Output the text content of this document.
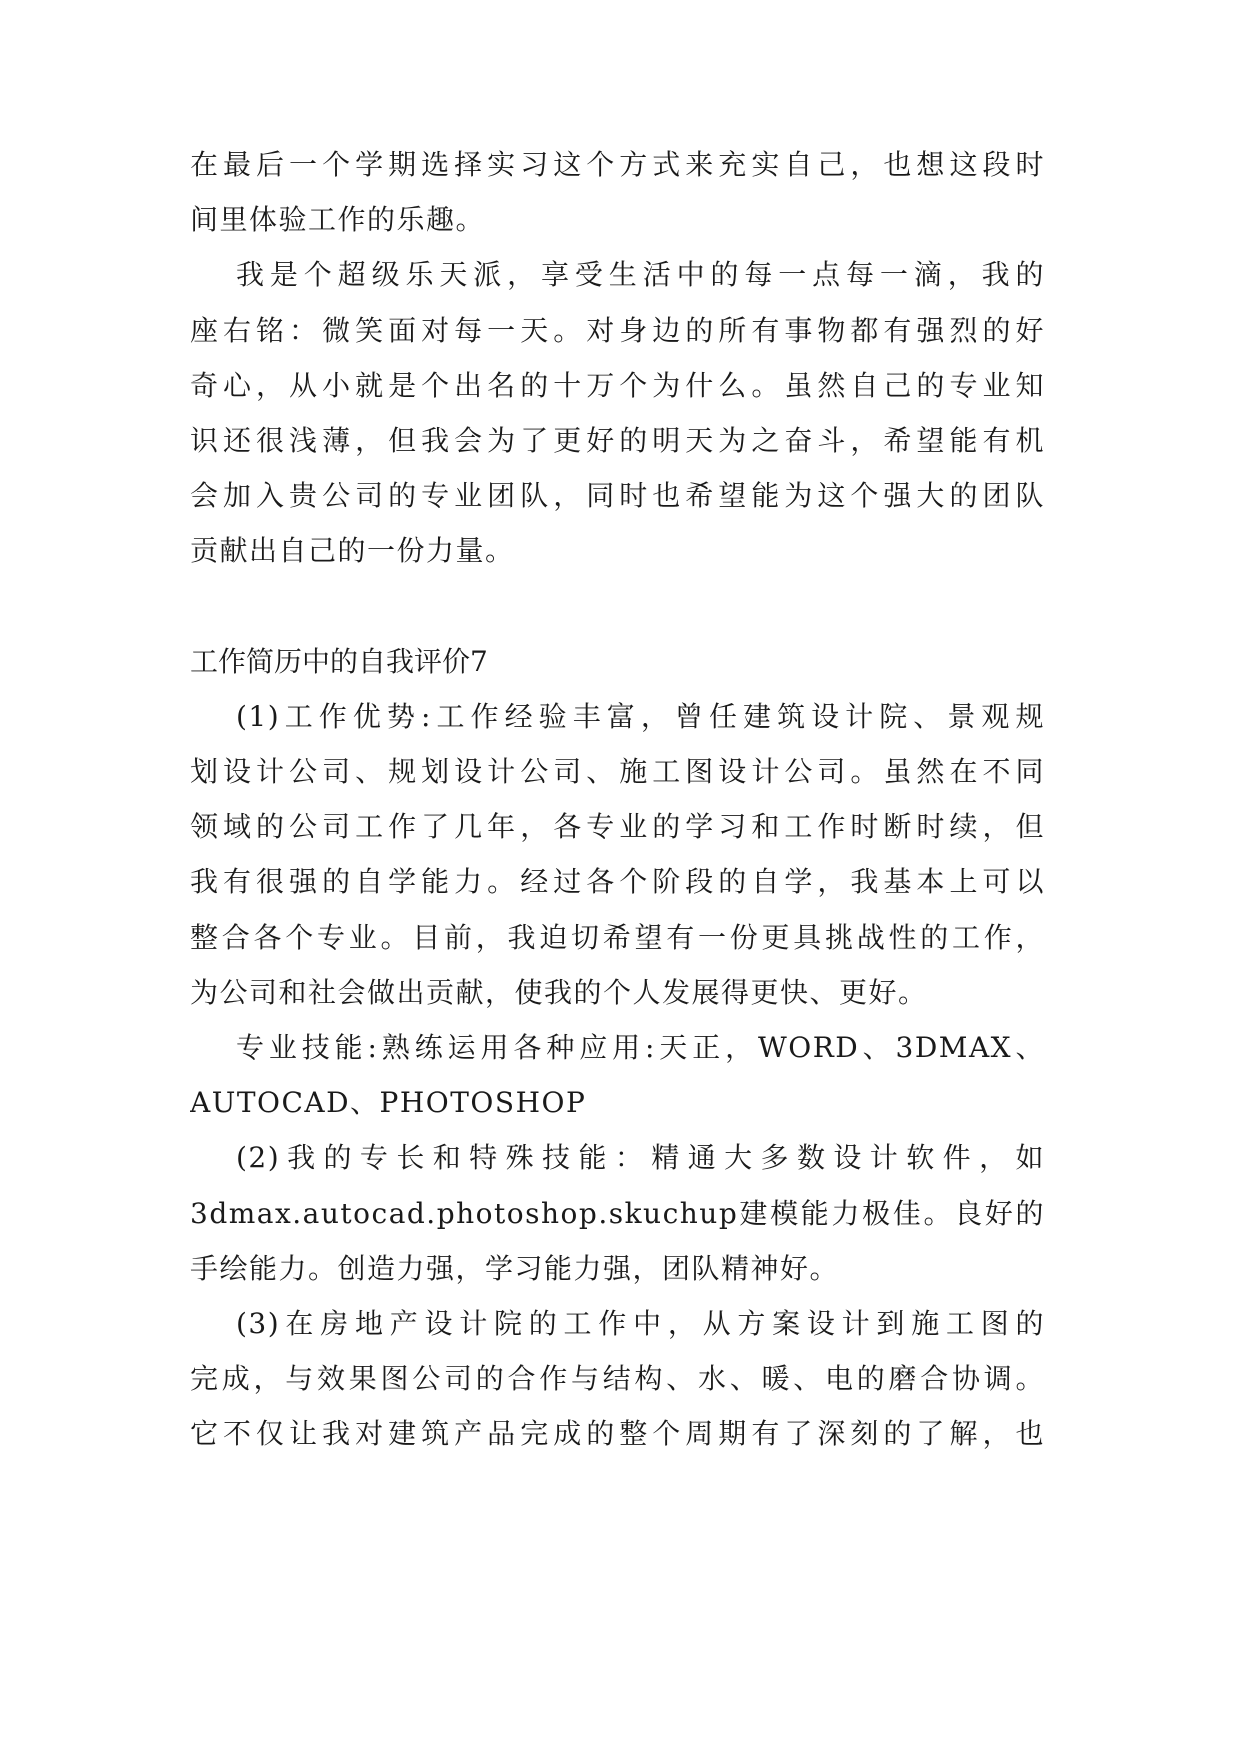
在最后一个学期选择实习这个方式来充实自己，也想这段时
间里体验工作的乐趣。
我是个超级乐天派，享受生活中的每一点每一滴，我的
座右铭：微笑面对每一天。对身边的所有事物都有强烈的好
奇心，从小就是个出名的十万个为什么。虽然自己的专业知
识还很浅薄，但我会为了更好的明天为之奋斗，希望能有机
会加入贵公司的专业团队，同时也希望能为这个强大的团队
贡献出自己的一份力量。
工作简历中的自我评价7
(1)工作优势:工作经验丰富，曾任建筑设计院、景观规
划设计公司、规划设计公司、施工图设计公司。虽然在不同
领域的公司工作了几年，各专业的学习和工作时断时续，但
我有很强的自学能力。经过各个阶段的自学，我基本上可以
整合各个专业。目前，我迫切希望有一份更具挑战性的工作，
为公司和社会做出贡献，使我的个人发展得更快、更好。
专业技能:熟练运用各种应用:天正，WORD、3DMAX、
AUTOCAD、PHOTOSHOP
(2)我的专长和特殊技能：精通大多数设计软件，如
3dmax.autocad.photoshop.skuchup建模能力极佳。良好的
手绘能力。创造力强，学习能力强，团队精神好。
(3)在房地产设计院的工作中，从方案设计到施工图的
完成，与效果图公司的合作与结构、水、暖、电的磨合协调。
它不仅让我对建筑产品完成的整个周期有了深刻的了解，也
